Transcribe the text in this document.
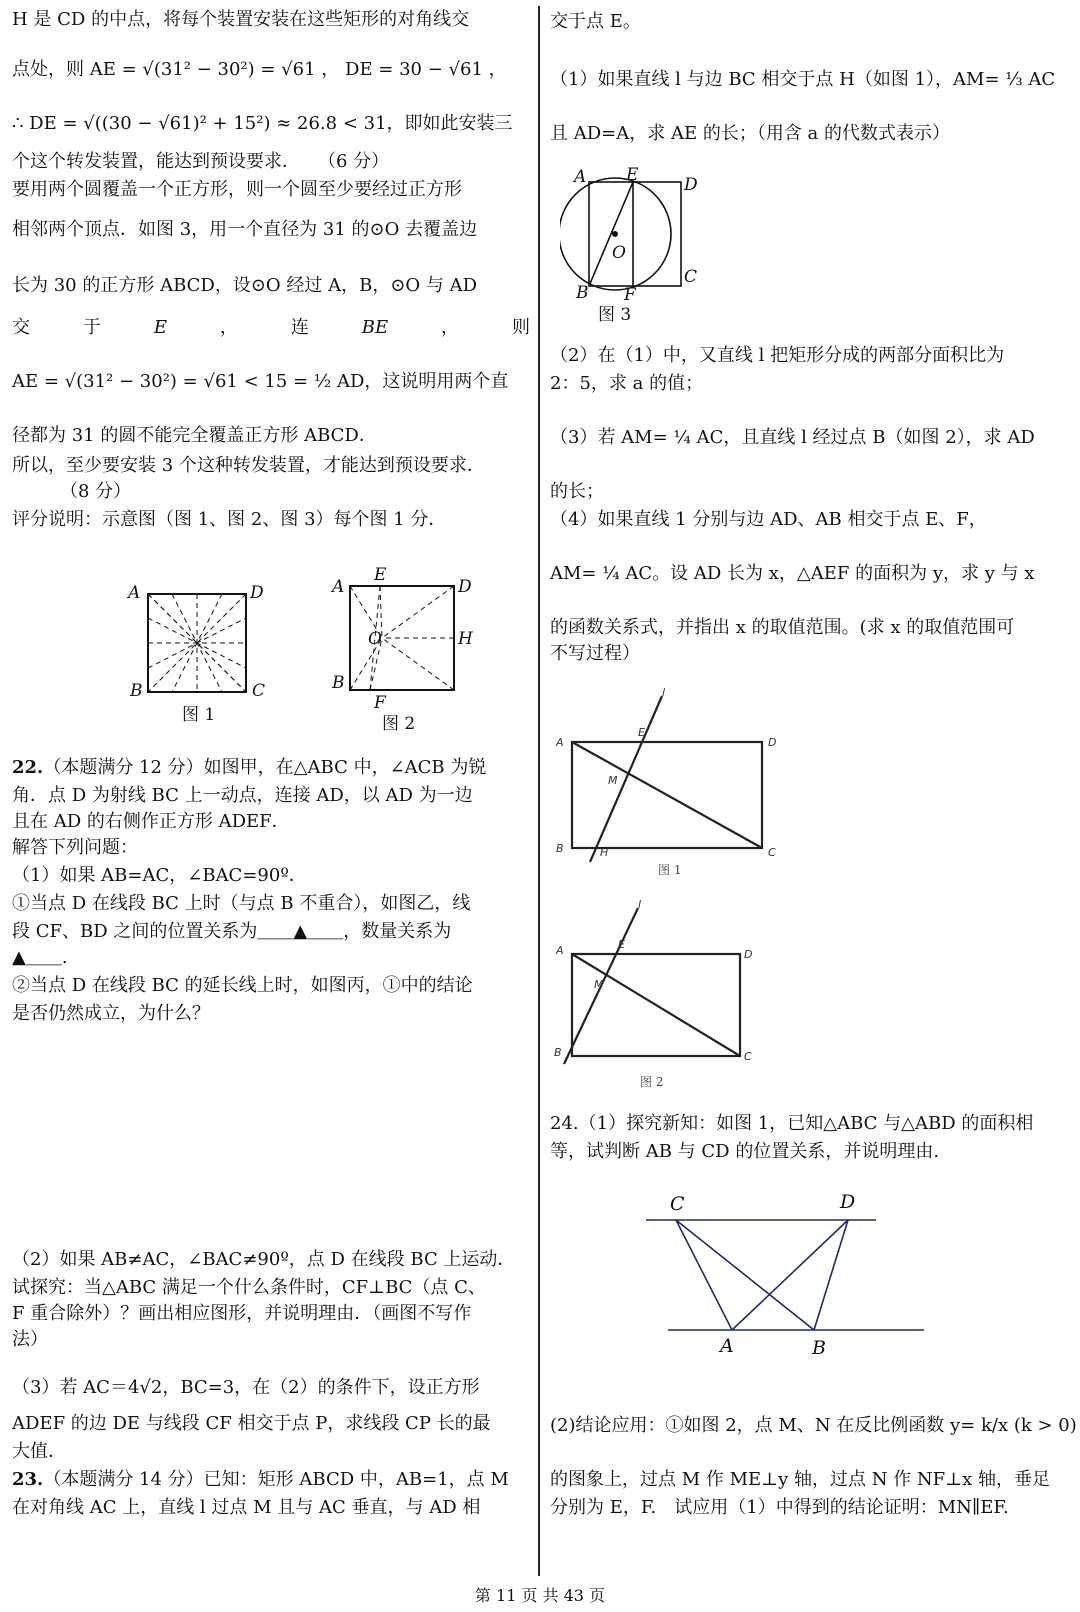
H 是 CD 的中点，将每个装置安装在这些矩形的对角线交
点处，则 AE = √(31² − 30²) = √61 ， DE = 30 − √61 ，
∴ DE = √((30 − √61)² + 15²) ≈ 26.8 < 31，即如此安装三
个这个转发装置，能达到预设要求．　　（6 分）
要用两个圆覆盖一个正方形，则一个圆至少要经过正方形
相邻两个顶点．如图 3，用一个直径为 31 的⊙O 去覆盖边
长为 30 的正方形 ABCD，设⊙O 经过 A，B，⊙O 与 AD
交	于	E	，	连	BE	，	则
AE = √(31² − 30²) = √61 < 15 = ½ AD，这说明用两个直
径都为 31 的圆不能完全覆盖正方形 ABCD．
所以，至少要安装 3 个这种转发装置，才能达到预设要求．
（8 分）
评分说明：示意图（图 1、图 2、图 3）每个图 1 分．
A	D
B	C
图 1
E
A	D
O	H
B
F
图 2
22.（本题满分 12 分）如图甲，在△ABC 中，∠ACB 为锐
角．点 D 为射线 BC 上一动点，连接 AD，以 AD 为一边
且在 AD 的右侧作正方形 ADEF．
解答下列问题：
（1）如果 AB=AC，∠BAC=90º．
①当点 D 在线段 BC 上时（与点 B 不重合），如图乙，线
段 CF、BD 之间的位置关系为＿＿▲＿＿，数量关系为
▲＿＿.
②当点 D 在线段 BC 的延长线上时，如图丙，①中的结论
是否仍然成立，为什么？
（2）如果 AB≠AC，∠BAC≠90º，点 D 在线段 BC 上运动．
试探究：当△ABC 满足一个什么条件时，CF⊥BC（点 C、
F 重合除外）？画出相应图形，并说明理由．（画图不写作
法）
（3）若 AC＝4√2，BC=3，在（2）的条件下，设正方形
ADEF 的边 DE 与线段 CF 相交于点 P，求线段 CP 长的最
大值．
23.（本题满分 14 分）已知：矩形 ABCD 中，AB=1，点 M
在对角线 AC 上，直线 l 过点 M 且与 AC 垂直，与 AD 相
交于点 E。
（1）如果直线 l 与边 BC 相交于点 H（如图 1），AM= ⅓ AC
且 AD=A，求 AE 的长；（用含 a 的代数式表示）
A E	D
O
C
B F
图 3
（2）在（1）中，又直线 l 把矩形分成的两部分面积比为
2：5，求 a 的值；
（3）若 AM= ¼ AC，且直线 l 经过点 B（如图 2），求 AD
的长；
（4）如果直线 1 分别与边 AD、AB 相交于点 E、F，
AM= ¼ AC。设 AD 长为 x，△AEF 的面积为 y，求 y 与 x
的函数关系式，并指出 x 的取值范围。(求 x 的取值范围可
不写过程）
l
A
E
D
M
B	H	C
图 1
l
A	E
D
M
B	C
图 2
24.（1）探究新知：如图 1，已知△ABC 与△ABD 的面积相
等，试判断 AB 与 CD 的位置关系，并说明理由.
C	D
A	B
(2)结论应用：①如图 2，点 M、N 在反比例函数 y= k/x (k > 0)
的图象上，过点 M 作 ME⊥y 轴，过点 N 作 NF⊥x 轴，垂足
分别为 E，F.　试应用（1）中得到的结论证明：MN∥EF.
第 11 页 共 43 页
